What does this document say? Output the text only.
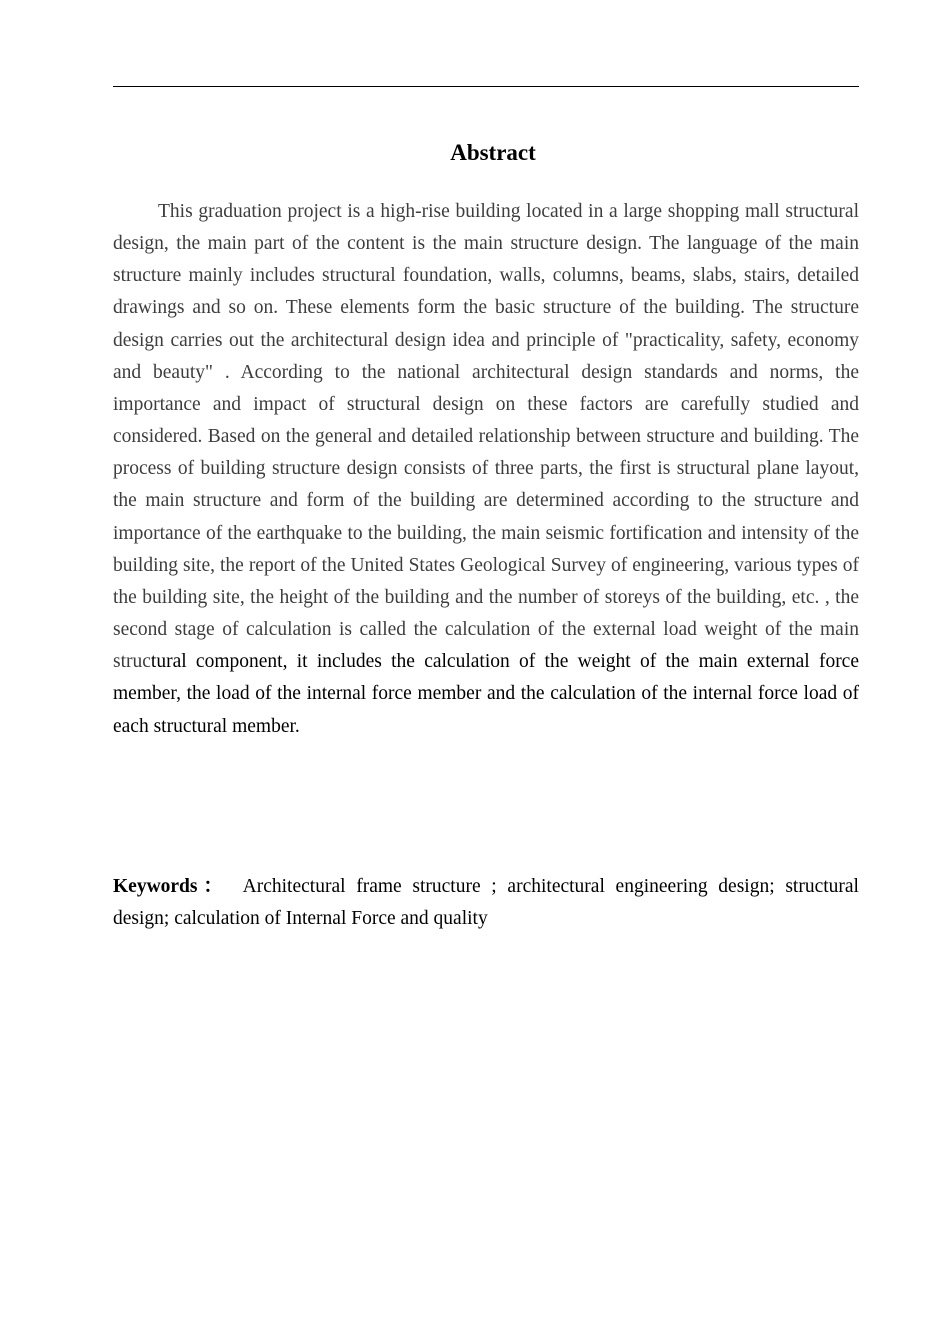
Abstract

This graduation project is a high-rise building located in a large shopping mall structural design, the main part of the content is the main structure design. The language of the main structure mainly includes structural foundation, walls, columns, beams, slabs, stairs, detailed drawings and so on. These elements form the basic structure of the building. The structure design carries out the architectural design idea and principle of "practicality, safety, economy and beauty" . According to the national architectural design standards and norms, the importance and impact of structural design on these factors are carefully studied and considered. Based on the general and detailed relationship between structure and building. The process of building structure design consists of three parts, the first is structural plane layout, the main structure and form of the building are determined according to the structure and importance of the earthquake to the building, the main seismic fortification and intensity of the building site, the report of the United States Geological Survey of engineering, various types of the building site, the height of the building and the number of storeys of the building, etc. , the second stage of calculation is called the calculation of the external load weight of the main structural component, it includes the calculation of the weight of the main external force member, the load of the internal force member and the calculation of the internal force load of each structural member.

Keywords： Architectural frame structure ; architectural engineering design; structural design; calculation of Internal Force and quality
